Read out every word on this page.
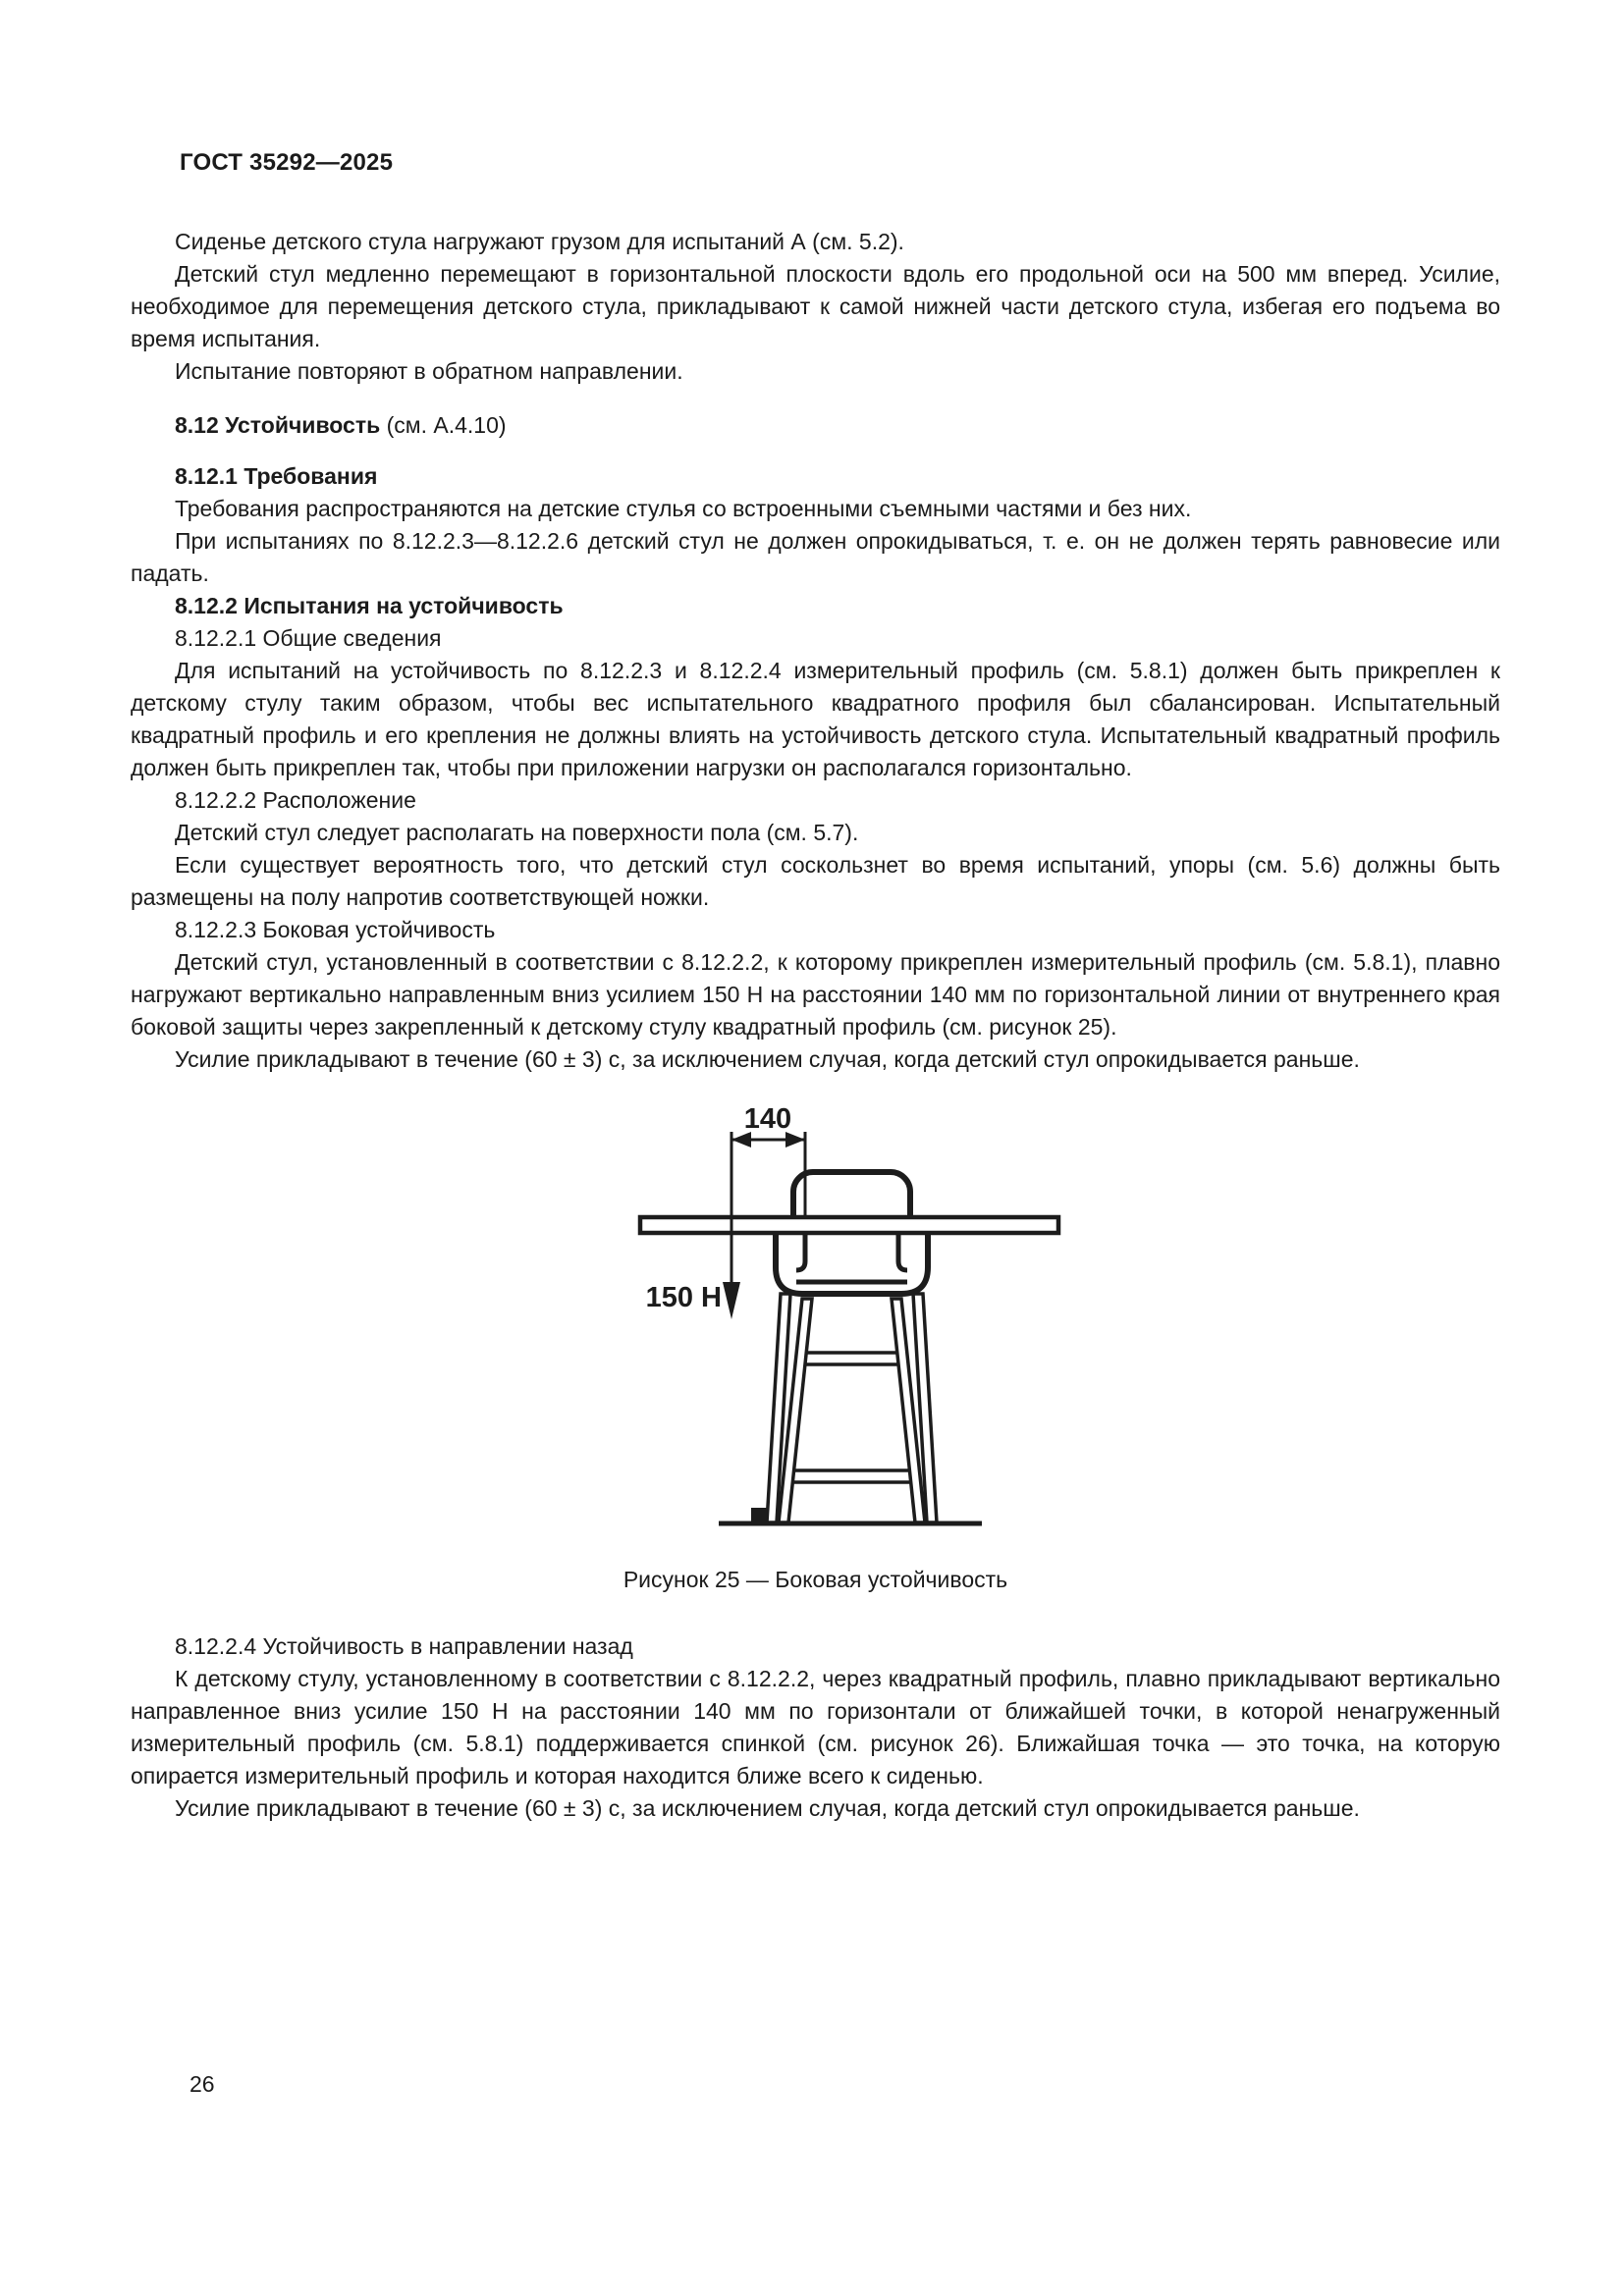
ГОСТ 35292—2025

Сиденье детского стула нагружают грузом для испытаний А (см. 5.2).

Детский стул медленно перемещают в горизонтальной плоскости вдоль его продольной оси на 500 мм вперед. Усилие, необходимое для перемещения детского стула, прикладывают к самой нижней части детского стула, избегая его подъема во время испытания.

Испытание повторяют в обратном направлении.

8.12 Устойчивость (см. А.4.10)

8.12.1 Требования

Требования распространяются на детские стулья со встроенными съемными частями и без них.

При испытаниях по 8.12.2.3—8.12.2.6 детский стул не должен опрокидываться, т. е. он не должен терять равновесие или падать.

8.12.2 Испытания на устойчивость

8.12.2.1 Общие сведения

Для испытаний на устойчивость по 8.12.2.3 и 8.12.2.4 измерительный профиль (см. 5.8.1) должен быть прикреплен к детскому стулу таким образом, чтобы вес испытательного квадратного профиля был сбалансирован. Испытательный квадратный профиль и его крепления не должны влиять на устойчивость детского стула. Испытательный квадратный профиль должен быть прикреплен так, чтобы при приложении нагрузки он располагался горизонтально.

8.12.2.2 Расположение

Детский стул следует располагать на поверхности пола (см. 5.7).

Если существует вероятность того, что детский стул соскользнет во время испытаний, упоры (см. 5.6) должны быть размещены на полу напротив соответствующей ножки.

8.12.2.3 Боковая устойчивость

Детский стул, установленный в соответствии с 8.12.2.2, к которому прикреплен измерительный профиль (см. 5.8.1), плавно нагружают вертикально направленным вниз усилием 150 Н на расстоянии 140 мм по горизонтальной линии от внутреннего края боковой защиты через закрепленный к детскому стулу квадратный профиль (см. рисунок 25).

Усилие прикладывают в течение (60 ± 3) с, за исключением случая, когда детский стул опрокидывается раньше.

140
150 Н

Рисунок 25 — Боковая устойчивость

8.12.2.4 Устойчивость в направлении назад

К детскому стулу, установленному в соответствии с 8.12.2.2, через квадратный профиль, плавно прикладывают вертикально направленное вниз усилие 150 Н на расстоянии 140 мм по горизонтали от ближайшей точки, в которой ненагруженный измерительный профиль (см. 5.8.1) поддерживается спинкой (см. рисунок 26). Ближайшая точка — это точка, на которую опирается измерительный профиль и которая находится ближе всего к сиденью.

Усилие прикладывают в течение (60 ± 3) с, за исключением случая, когда детский стул опрокидывается раньше.

26
